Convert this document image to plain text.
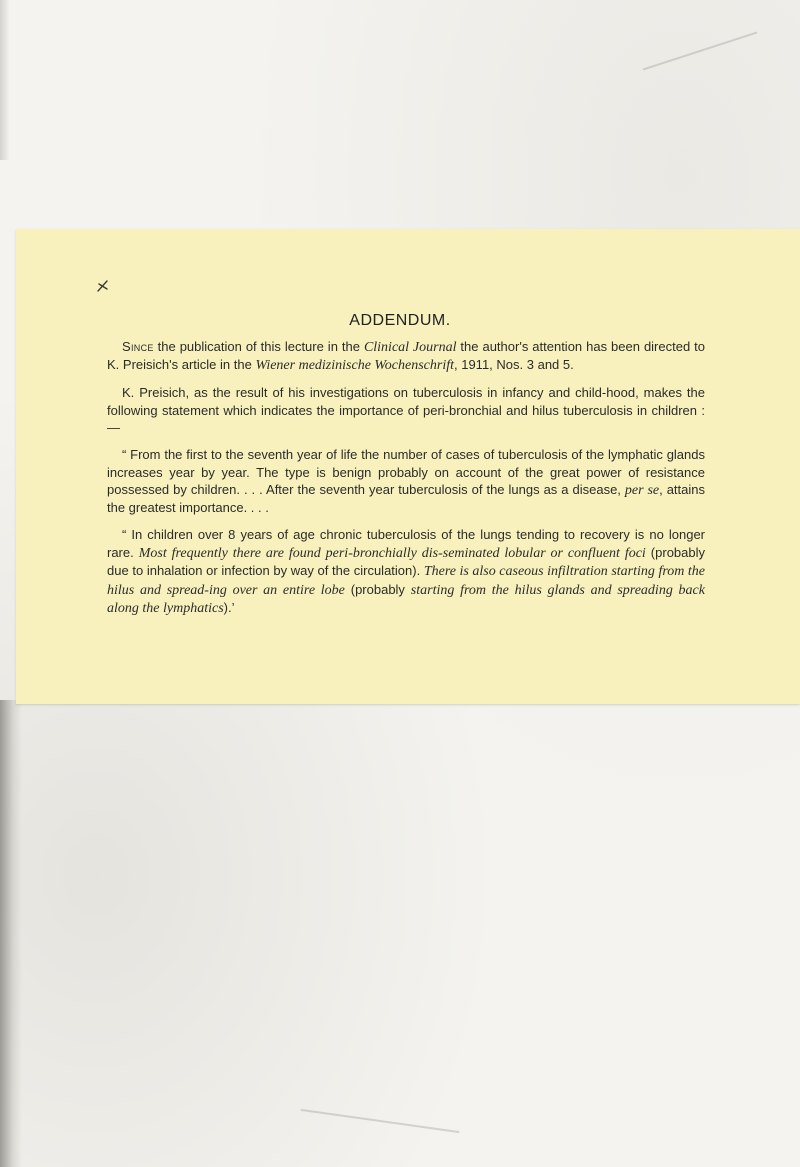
ADDENDUM.

Since the publication of this lecture in the Clinical Journal the author's attention has been directed to K. Preisich's article in the Wiener medizinische Wochenschrift, 1911, Nos. 3 and 5.

K. Preisich, as the result of his investigations on tuberculosis in infancy and child-hood, makes the following statement which indicates the importance of peri-bronchial and hilus tuberculosis in children :—

“ From the first to the seventh year of life the number of cases of tuberculosis of the lymphatic glands increases year by year. The type is benign probably on account of the great power of resistance possessed by children. . . . After the seventh year tuberculosis of the lungs as a disease, per se, attains the greatest importance. . . .

“ In children over 8 years of age chronic tuberculosis of the lungs tending to recovery is no longer rare. Most frequently there are found peri-bronchially dis-seminated lobular or confluent foci (probably due to inhalation or infection by way of the circulation). There is also caseous infiltration starting from the hilus and spread-ing over an entire lobe (probably starting from the hilus glands and spreading back along the lymphatics).’
